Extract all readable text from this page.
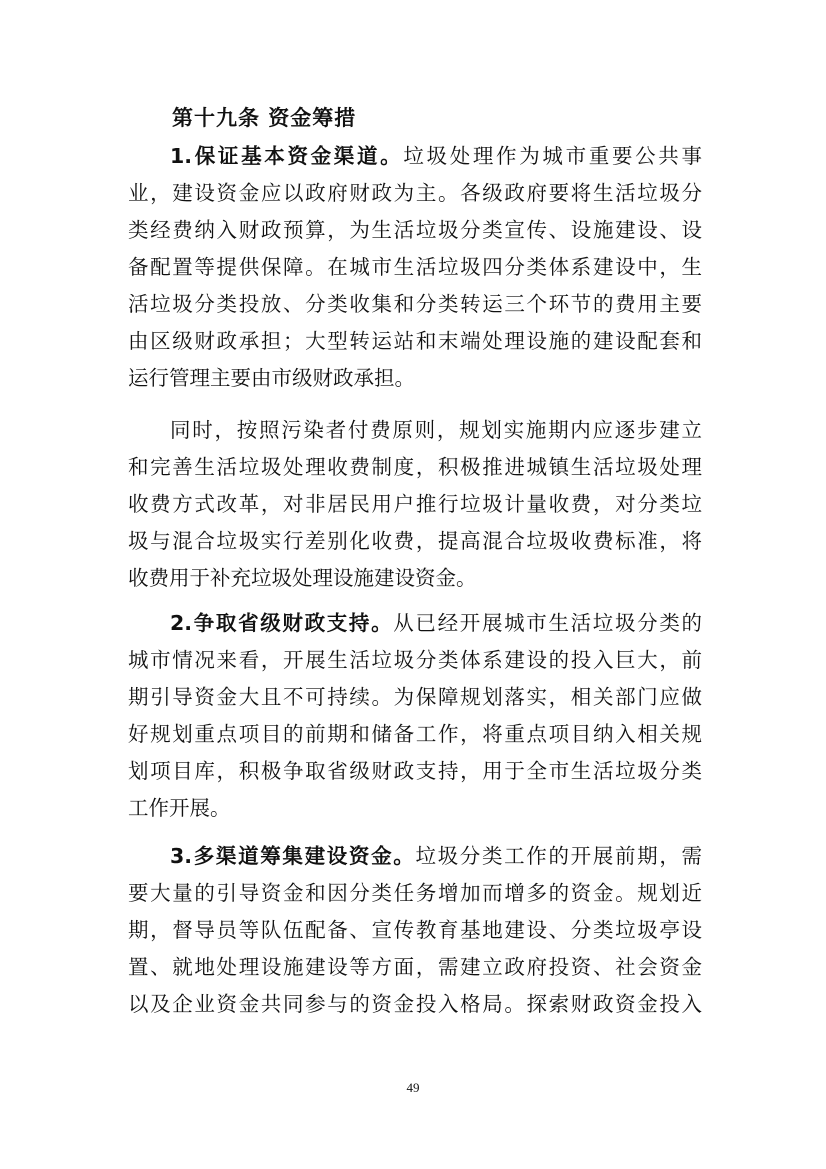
第十九条 资金筹措
1.保证基本资金渠道。垃圾处理作为城市重要公共事
业，建设资金应以政府财政为主。各级政府要将生活垃圾分
类经费纳入财政预算，为生活垃圾分类宣传、设施建设、设
备配置等提供保障。在城市生活垃圾四分类体系建设中，生
活垃圾分类投放、分类收集和分类转运三个环节的费用主要
由区级财政承担；大型转运站和末端处理设施的建设配套和
运行管理主要由市级财政承担。
同时，按照污染者付费原则，规划实施期内应逐步建立
和完善生活垃圾处理收费制度，积极推进城镇生活垃圾处理
收费方式改革，对非居民用户推行垃圾计量收费，对分类垃
圾与混合垃圾实行差别化收费，提高混合垃圾收费标准，将
收费用于补充垃圾处理设施建设资金。
2.争取省级财政支持。从已经开展城市生活垃圾分类的
城市情况来看，开展生活垃圾分类体系建设的投入巨大，前
期引导资金大且不可持续。为保障规划落实，相关部门应做
好规划重点项目的前期和储备工作，将重点项目纳入相关规
划项目库，积极争取省级财政支持，用于全市生活垃圾分类
工作开展。
3.多渠道筹集建设资金。垃圾分类工作的开展前期，需
要大量的引导资金和因分类任务增加而增多的资金。规划近
期，督导员等队伍配备、宣传教育基地建设、分类垃圾亭设
置、就地处理设施建设等方面，需建立政府投资、社会资金
以及企业资金共同参与的资金投入格局。探索财政资金投入
49
